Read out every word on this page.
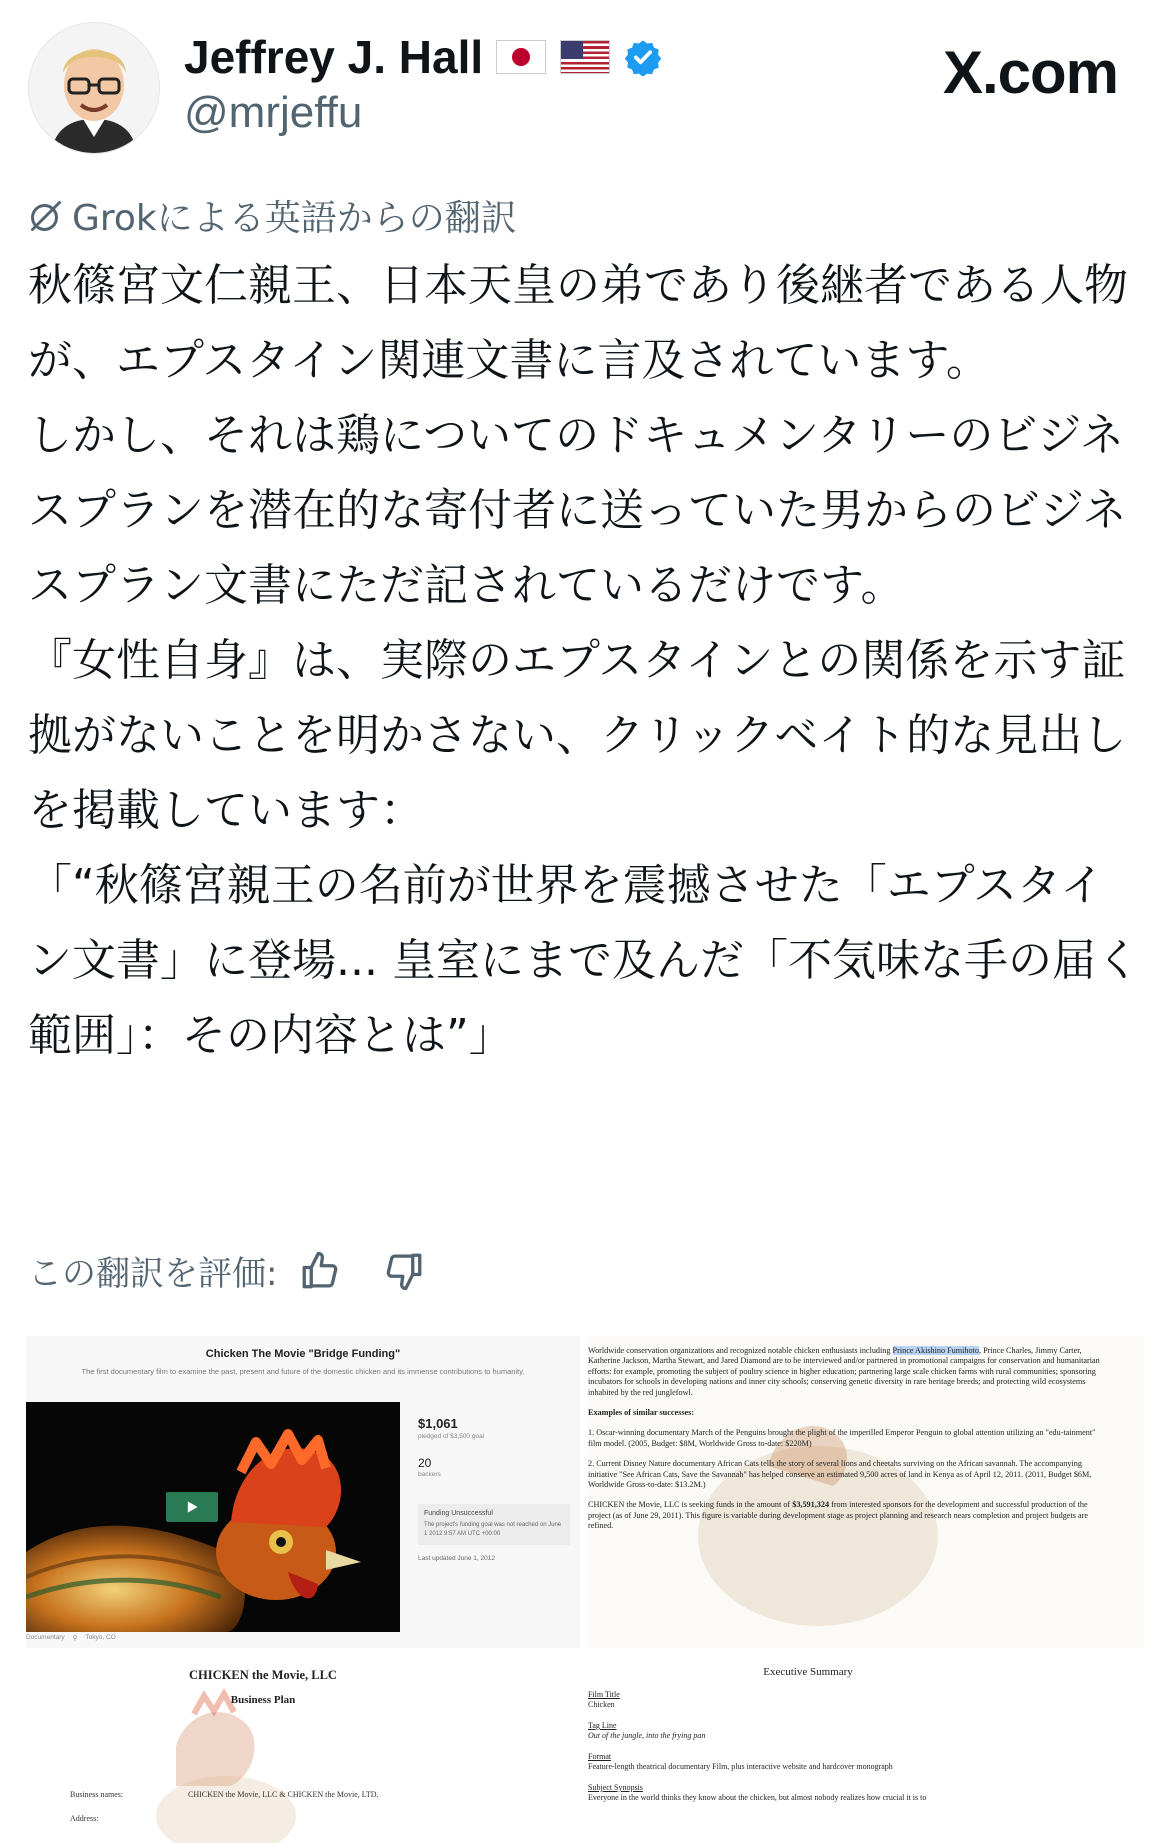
Jeffrey J. Hall
@mrjeffu
X.com
Grokによる英語からの翻訳

秋篠宮文仁親王、日本天皇の弟であり後継者である人物が、エプスタイン関連文書に言及されています。

しかし、それは鶏についてのドキュメンタリーのビジネスプランを潜在的な寄付者に送っていた男からのビジネスプラン文書にただ記されているだけです。

『女性自身』は、実際のエプスタインとの関係を示す証拠がないことを明かさない、クリックベイト的な見出しを掲載しています：

「“秋篠宮親王の名前が世界を震撼させた「エプスタイン文書」に登場... 皇室にまで及んだ「不気味な手の届く範囲」：その内容とは”」

この翻訳を評価:
Chicken The Movie "Bridge Funding"
The first documentary film to examine the past, present and future of the domestic chicken and its immense contributions to humanity.
$1,061
pledged of $3,500 goal
20
backers
Funding Unsuccessful
The project's funding goal was not reached on June 1 2012 9:57 AM UTC +00:00
Last updated June 1, 2012
Documentary ⚲ Tokyo, CO

Worldwide conservation organizations and recognized notable chicken enthusiasts including Prince Akishino Fumihoto, Prince Charles, Jimmy Carter, Katherine Jackson, Martha Stewart, and Jared Diamond are to be interviewed and/or partnered in promotional campaigns for conservation and humanitarian efforts: for example, promoting the subject of poultry science in higher education; partnering large scale chicken farms with rural communities; sponsoring incubators for schools in developing nations and inner city schools; conserving genetic diversity in rare heritage breeds; and protecting wild ecosystems inhabited by the red junglefowl.

Examples of similar successes:

1. Oscar-winning documentary March of the Penguins brought the plight of the imperilled Emperor Penguin to global attention utilizing an "edu-tainment" film model. (2005, Budget: $8M, Worldwide Gross to-date: $220M)

2. Current Disney Nature documentary African Cats tells the story of several lions and cheetahs surviving on the African savannah. The accompanying initiative "See African Cats, Save the Savannah" has helped conserve an estimated 9,500 acres of land in Kenya as of April 12, 2011. (2011, Budget $6M, Worldwide Gross-to-date: $13.2M.)

CHICKEN the Movie, LLC is seeking funds in the amount of $3,591,324 from interested sponsors for the development and successful production of the project (as of June 29, 2011). This figure is variable during development stage as project planning and research nears completion and project budgets are refined.

CHICKEN the Movie, LLC
Business Plan
Business names:	CHICKEN the Movie, LLC & CHICKEN the Movie, LTD.
Address:
Executive Summary
Film Title
Chicken
Tag Line
Out of the jungle, into the frying pan
Format
Feature-length theatrical documentary Film, plus interactive website and hardcover monograph
Subject Synopsis
Everyone in the world thinks they know about the chicken, but almost nobody realizes how crucial it is to
